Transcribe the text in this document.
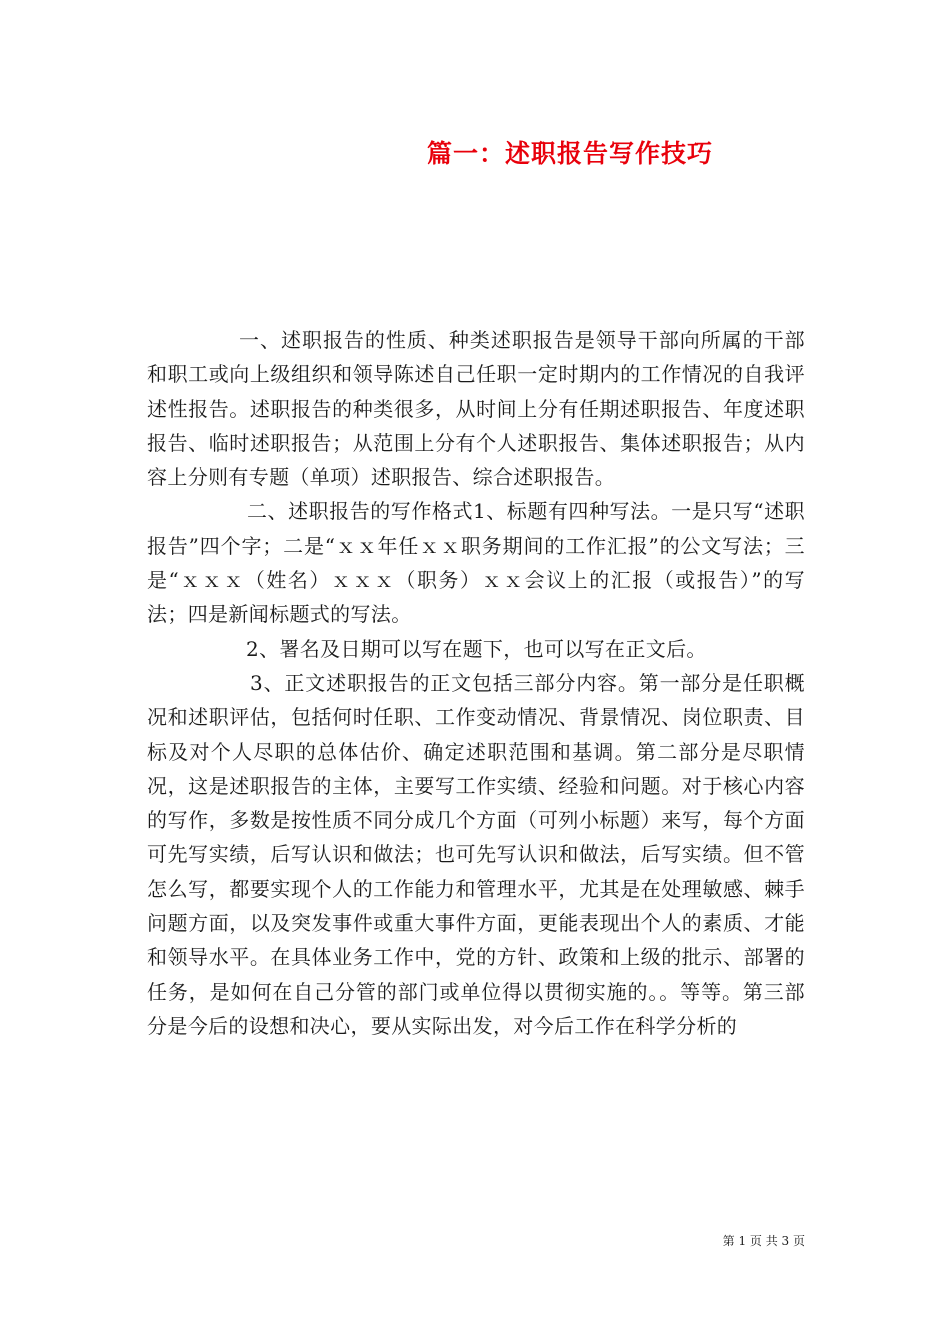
篇一：述职报告写作技巧

一、述职报告的性质、种类述职报告是领导干部向所属的干部和职工或向上级组织和领导陈述自己任职一定时期内的工作情况的自我评述性报告。述职报告的种类很多，从时间上分有任期述职报告、年度述职报告、临时述职报告；从范围上分有个人述职报告、集体述职报告；从内容上分则有专题（单项）述职报告、综合述职报告。

二、述职报告的写作格式1、标题有四种写法。一是只写“述职报告”四个字；二是“ｘｘ年任ｘｘ职务期间的工作汇报”的公文写法；三是“ｘｘｘ（姓名）ｘｘｘ（职务）ｘｘ会议上的汇报（或报告）”的写法；四是新闻标题式的写法。

2、署名及日期可以写在题下，也可以写在正文后。

3、正文述职报告的正文包括三部分内容。第一部分是任职概况和述职评估，包括何时任职、工作变动情况、背景情况、岗位职责、目标及对个人尽职的总体估价、确定述职范围和基调。第二部分是尽职情况，这是述职报告的主体，主要写工作实绩、经验和问题。对于核心内容的写作，多数是按性质不同分成几个方面（可列小标题）来写，每个方面可先写实绩，后写认识和做法；也可先写认识和做法，后写实绩。但不管怎么写，都要实现个人的工作能力和管理水平，尤其是在处理敏感、棘手问题方面，以及突发事件或重大事件方面，更能表现出个人的素质、才能和领导水平。在具体业务工作中，党的方针、政策和上级的批示、部署的任务，是如何在自己分管的部门或单位得以贯彻实施的。。等等。第三部分是今后的设想和决心，要从实际出发，对今后工作在科学分析的

第 1 页 共 3 页
